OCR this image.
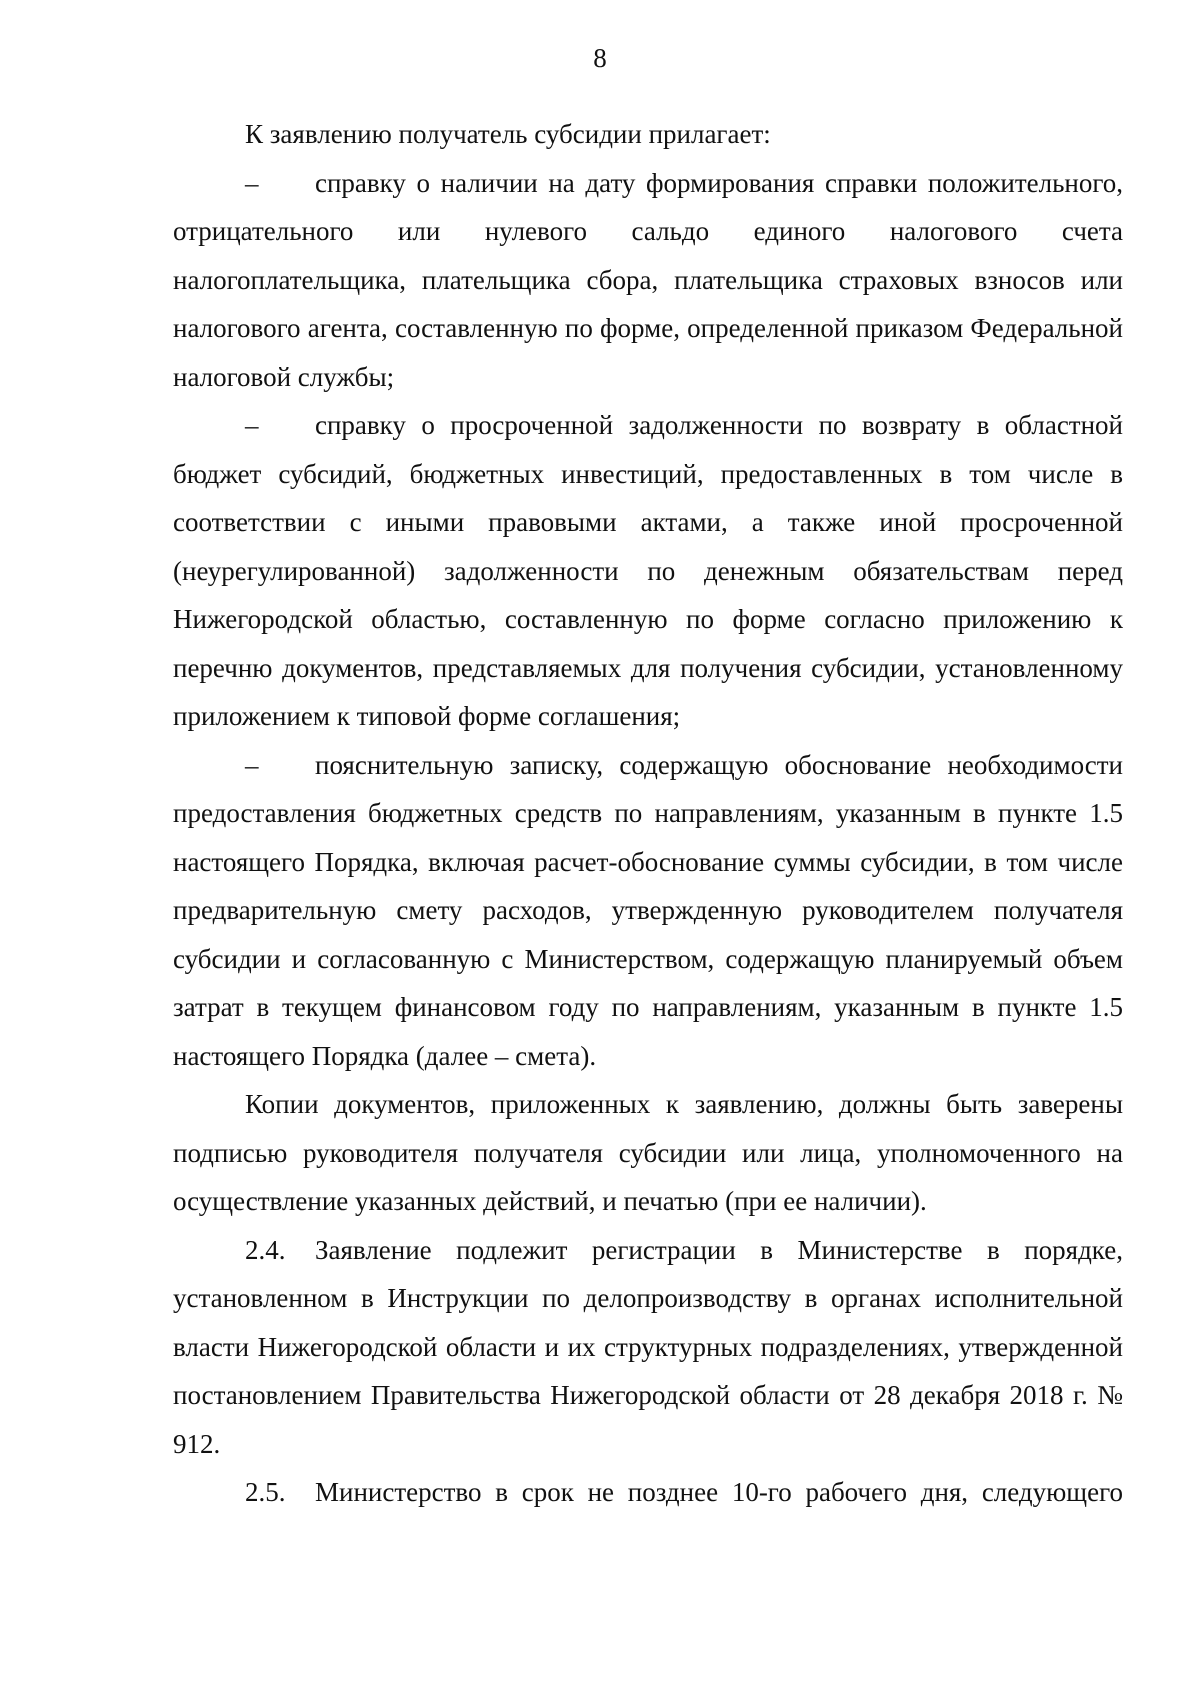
8

К заявлению получатель субсидии прилагает:

– справку о наличии на дату формирования справки положительного, отрицательного или нулевого сальдо единого налогового счета налогоплательщика, плательщика сбора, плательщика страховых взносов или налогового агента, составленную по форме, определенной приказом Федеральной налоговой службы;

– справку о просроченной задолженности по возврату в областной бюджет субсидий, бюджетных инвестиций, предоставленных в том числе в соответствии с иными правовыми актами, а также иной просроченной (неурегулированной) задолженности по денежным обязательствам перед Нижегородской областью, составленную по форме согласно приложению к перечню документов, представляемых для получения субсидии, установленному приложением к типовой форме соглашения;

– пояснительную записку, содержащую обоснование необходимости предоставления бюджетных средств по направлениям, указанным в пункте 1.5 настоящего Порядка, включая расчет-обоснование суммы субсидии, в том числе предварительную смету расходов, утвержденную руководителем получателя субсидии и согласованную с Министерством, содержащую планируемый объем затрат в текущем финансовом году по направлениям, указанным в пункте 1.5 настоящего Порядка (далее – смета).

Копии документов, приложенных к заявлению, должны быть заверены подписью руководителя получателя субсидии или лица, уполномоченного на осуществление указанных действий, и печатью (при ее наличии).

2.4. Заявление подлежит регистрации в Министерстве в порядке, установленном в Инструкции по делопроизводству в органах исполнительной власти Нижегородской области и их структурных подразделениях, утвержденной постановлением Правительства Нижегородской области от 28 декабря 2018 г. № 912.

2.5. Министерство в срок не позднее 10-го рабочего дня, следующего
